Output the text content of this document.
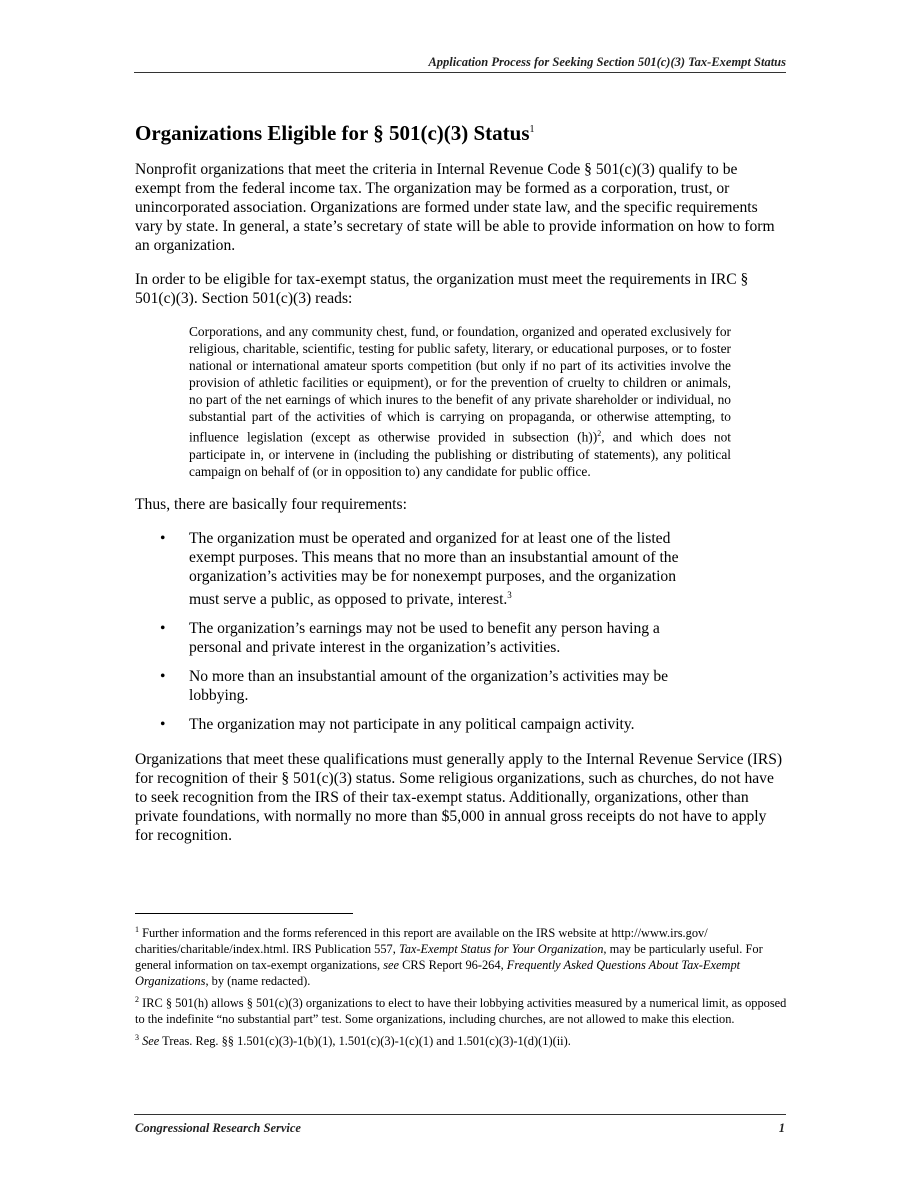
Application Process for Seeking Section 501(c)(3) Tax-Exempt Status
Organizations Eligible for § 501(c)(3) Status$^1$

Nonprofit organizations that meet the criteria in Internal Revenue Code § 501(c)(3) qualify to be exempt from the federal income tax. The organization may be formed as a corporation, trust, or unincorporated association. Organizations are formed under state law, and the specific requirements vary by state. In general, a state’s secretary of state will be able to provide information on how to form an organization.

In order to be eligible for tax-exempt status, the organization must meet the requirements in IRC § 501(c)(3). Section 501(c)(3) reads:

Corporations, and any community chest, fund, or foundation, organized and operated exclusively for religious, charitable, scientific, testing for public safety, literary, or educational purposes, or to foster national or international amateur sports competition (but only if no part of its activities involve the provision of athletic facilities or equipment), or for the prevention of cruelty to children or animals, no part of the net earnings of which inures to the benefit of any private shareholder or individual, no substantial part of the activities of which is carrying on propaganda, or otherwise attempting, to influence legislation (except as otherwise provided in subsection (h))$^2$, and which does not participate in, or intervene in (including the publishing or distributing of statements), any political campaign on behalf of (or in opposition to) any candidate for public office.

Thus, there are basically four requirements:

• The organization must be operated and organized for at least one of the listed exempt purposes. This means that no more than an insubstantial amount of the organization’s activities may be for nonexempt purposes, and the organization must serve a public, as opposed to private, interest.$^3$
• The organization’s earnings may not be used to benefit any person having a personal and private interest in the organization’s activities.
• No more than an insubstantial amount of the organization’s activities may be lobbying.
• The organization may not participate in any political campaign activity.

Organizations that meet these qualifications must generally apply to the Internal Revenue Service (IRS) for recognition of their § 501(c)(3) status. Some religious organizations, such as churches, do not have to seek recognition from the IRS of their tax-exempt status. Additionally, organizations, other than private foundations, with normally no more than $5,000 in annual gross receipts do not have to apply for recognition.

$^1$ Further information and the forms referenced in this report are available on the IRS website at http://www.irs.gov/ charities/charitable/index.html. IRS Publication 557, Tax-Exempt Status for Your Organization, may be particularly useful. For general information on tax-exempt organizations, see CRS Report 96-264, Frequently Asked Questions About Tax-Exempt Organizations, by (name redacted).

$^2$ IRC § 501(h) allows § 501(c)(3) organizations to elect to have their lobbying activities measured by a numerical limit, as opposed to the indefinite “no substantial part” test. Some organizations, including churches, are not allowed to make this election.

$^3$ See Treas. Reg. §§ 1.501(c)(3)-1(b)(1), 1.501(c)(3)-1(c)(1) and 1.501(c)(3)-1(d)(1)(ii).

Congressional Research Service	1
